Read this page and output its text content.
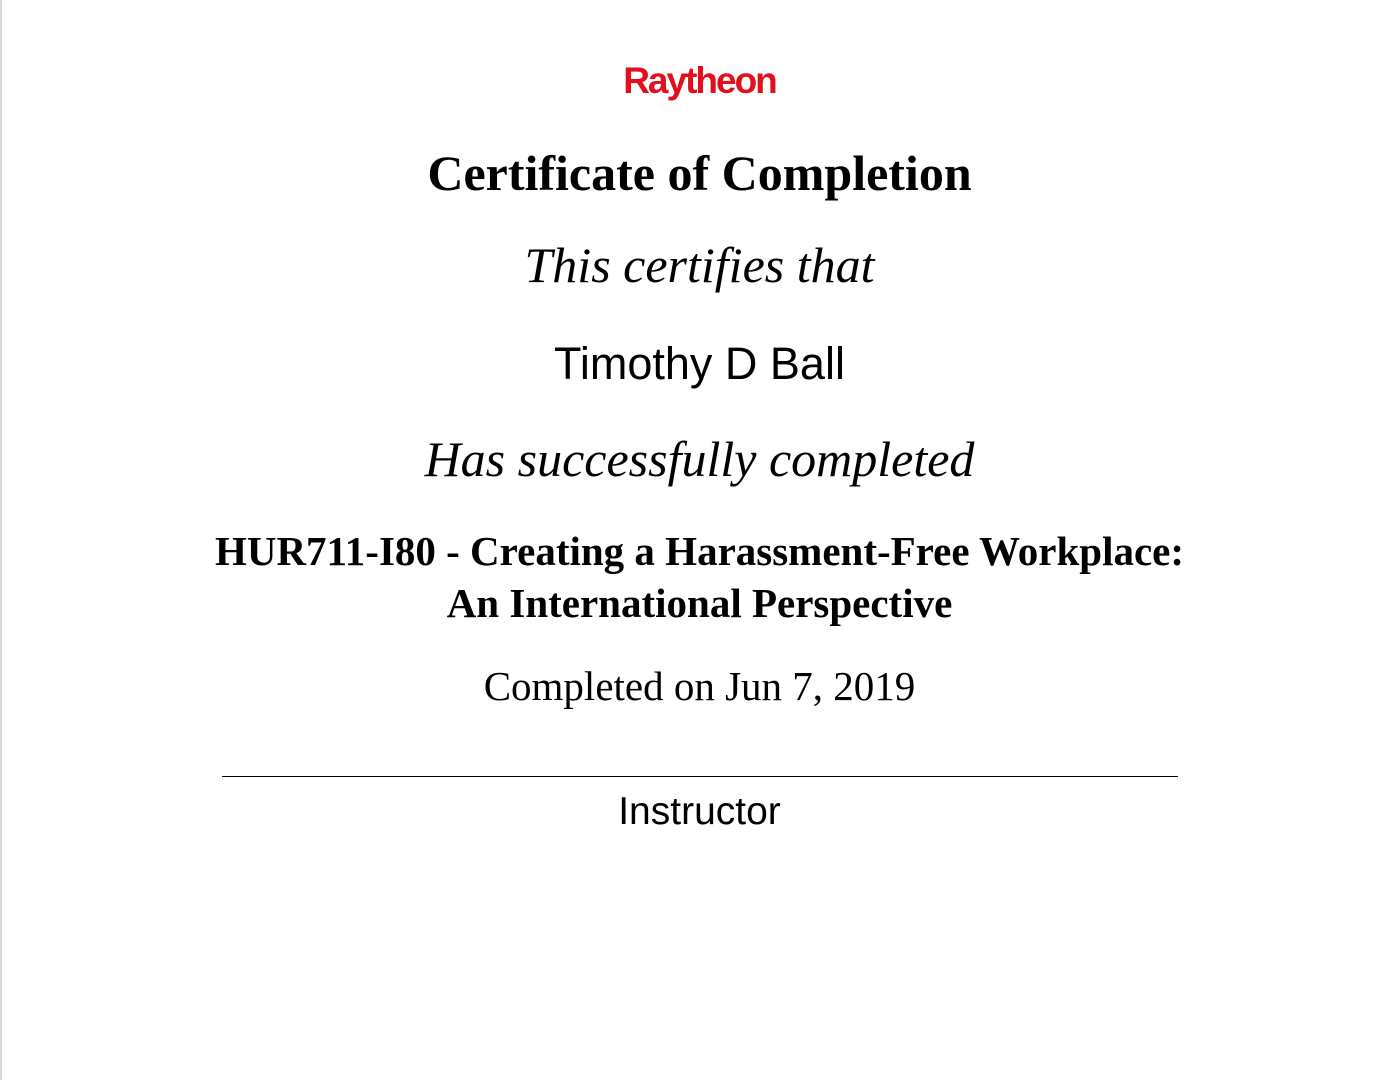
Raytheon
Certificate of Completion
This certifies that
Timothy D Ball
Has successfully completed
HUR711-I80 - Creating a Harassment-Free Workplace:
An International Perspective
Completed on Jun 7, 2019
Instructor
